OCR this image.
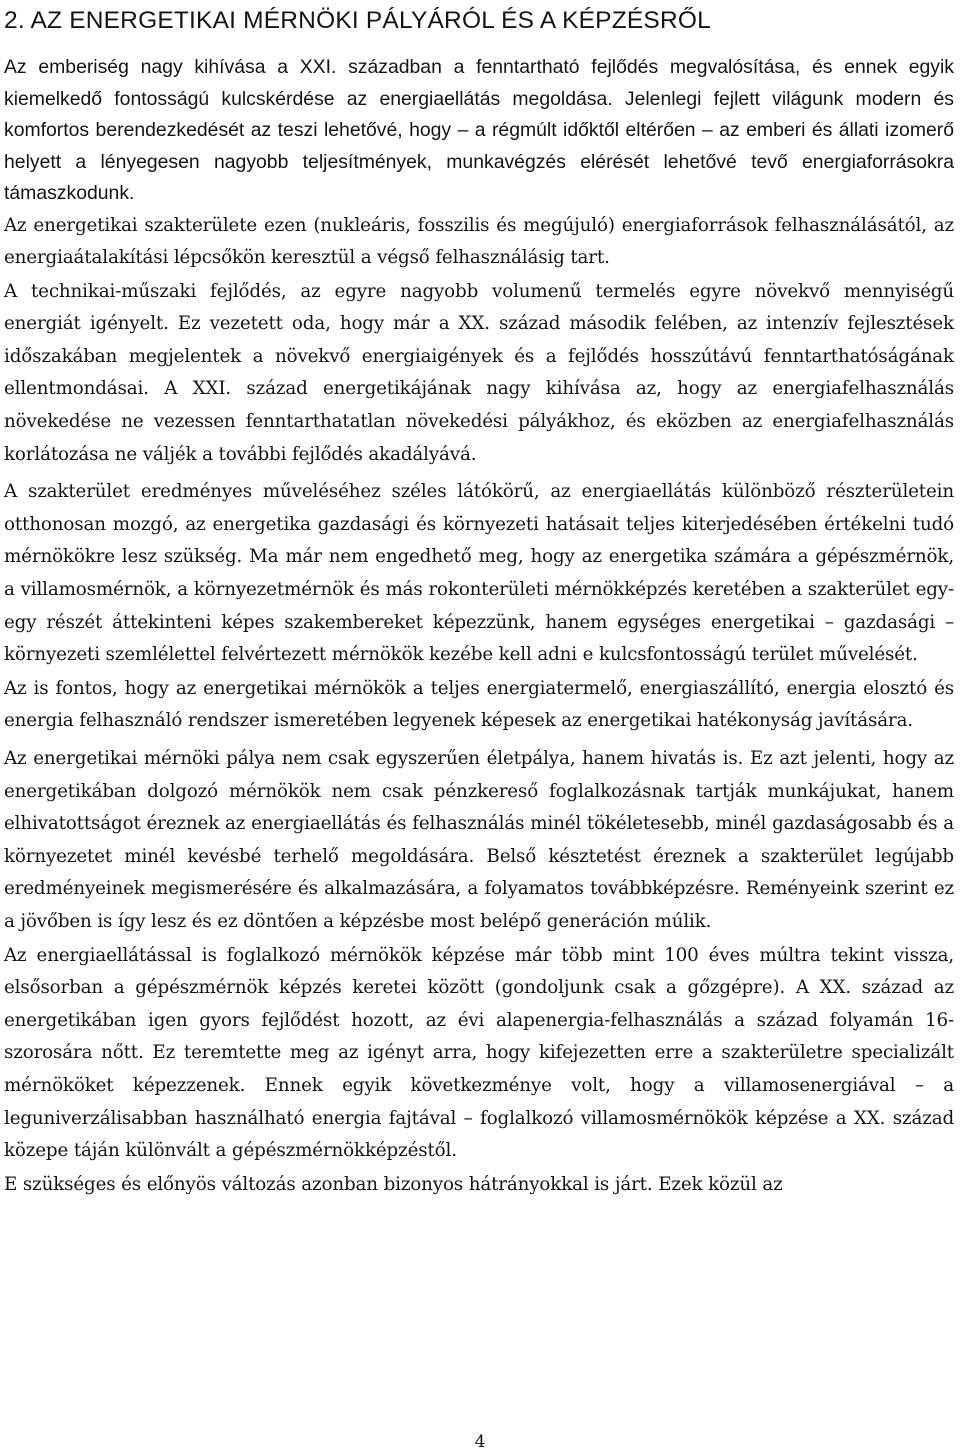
2. AZ ENERGETIKAI MÉRNÖKI PÁLYÁRÓL ÉS A KÉPZÉSRŐL

Az emberiség nagy kihívása a XXI. században a fenntartható fejlődés megvalósítása, és ennek egyik kiemelkedő fontosságú kulcskérdése az energiaellátás megoldása. Jelenlegi fejlett világunk modern és komfortos berendezkedését az teszi lehetővé, hogy – a régmúlt időktől eltérően – az emberi és állati izomerő helyett a lényegesen nagyobb teljesítmények, munkavégzés elérését lehetővé tevő energiaforrásokra támaszkodunk.

Az energetikai szakterülete ezen (nukleáris, fosszilis és megújuló) energiaforrások felhasználásától, az energiaátalakítási lépcsőkön keresztül a végső felhasználásig tart.

A technikai-műszaki fejlődés, az egyre nagyobb volumenű termelés egyre növekvő mennyiségű energiát igényelt. Ez vezetett oda, hogy már a XX. század második felében, az intenzív fejlesztések időszakában megjelentek a növekvő energiaigények és a fejlődés hosszútávú fenntarthatóságának ellentmondásai. A XXI. század energetikájának nagy kihívása az, hogy az energiafelhasználás növekedése ne vezessen fenntarthatatlan növekedési pályákhoz, és eközben az energiafelhasználás korlátozása ne váljék a további fejlődés akadályává.

A szakterület eredményes műveléséhez széles látókörű, az energiaellátás különböző részterületein otthonosan mozgó, az energetika gazdasági és környezeti hatásait teljes kiterjedésében értékelni tudó mérnökökre lesz szükség. Ma már nem engedhető meg, hogy az energetika számára a gépészmérnök, a villamosmérnök, a környezetmérnök és más rokonterületi mérnökképzés keretében a szakterület egy-egy részét áttekinteni képes szakembereket képezzünk, hanem egységes energetikai – gazdasági – környezeti szemlélettel felvértezett mérnökök kezébe kell adni e kulcsfontosságú terület művelését.

Az is fontos, hogy az energetikai mérnökök a teljes energiatermelő, energiaszállító, energia elosztó és energia felhasználó rendszer ismeretében legyenek képesek az energetikai hatékonyság javítására.

Az energetikai mérnöki pálya nem csak egyszerűen életpálya, hanem hivatás is. Ez azt jelenti, hogy az energetikában dolgozó mérnökök nem csak pénzkereső foglalkozásnak tartják munkájukat, hanem elhivatottságot éreznek az energiaellátás és felhasználás minél tökéletesebb, minél gazdaságosabb és a környezetet minél kevésbé terhelő megoldására. Belső késztetést éreznek a szakterület legújabb eredményeinek megismerésére és alkalmazására, a folyamatos továbbképzésre. Reményeink szerint ez a jövőben is így lesz és ez döntően a képzésbe most belépő generáción múlik.

Az energiaellátással is foglalkozó mérnökök képzése már több mint 100 éves múltra tekint vissza, elsősorban a gépészmérnök képzés keretei között (gondoljunk csak a gőzgépre). A XX. század az energetikában igen gyors fejlődést hozott, az évi alapenergia-felhasználás a század folyamán 16-szorosára nőtt. Ez teremtette meg az igényt arra, hogy kifejezetten erre a szakterületre specializált mérnököket képezzenek. Ennek egyik következménye volt, hogy a villamosenergiával – a leguniverzálisabban használható energia fajtával – foglalkozó villamosmérnökök képzése a XX. század közepe táján különvált a gépészmérnökképzéstől.

E szükséges és előnyös változás azonban bizonyos hátrányokkal is járt. Ezek közül az

4
